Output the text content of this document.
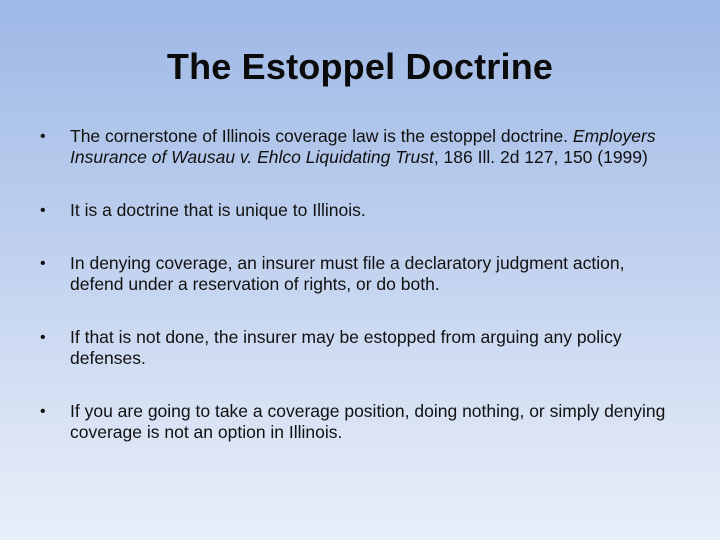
The Estoppel Doctrine
• The cornerstone of Illinois coverage law is the estoppel doctrine. Employers Insurance of Wausau v. Ehlco Liquidating Trust, 186 Ill. 2d 127, 150 (1999)
• It is a doctrine that is unique to Illinois.
• In denying coverage, an insurer must file a declaratory judgment action, defend under a reservation of rights, or do both.
• If that is not done, the insurer may be estopped from arguing any policy defenses.
• If you are going to take a coverage position, doing nothing, or simply denying coverage is not an option in Illinois.
